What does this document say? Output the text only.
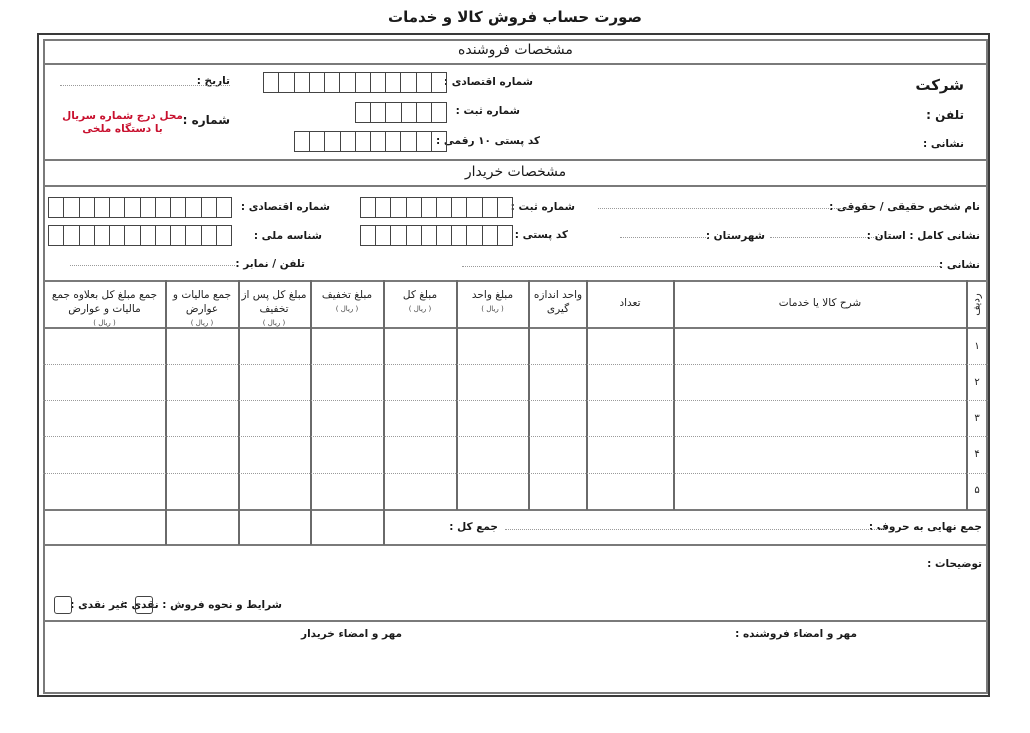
صورت حساب فروش کالا و خدمات
مشخصات فروشنده
شرکت
تلفن :
نشانی :
شماره اقتصادی :
شماره ثبت :
کد پستی ۱۰ رقمی :
تاریخ :
شماره :
محل درج شماره سریال
با دستگاه ملخی
مشخصات خریدار
نام شخص حقیقی / حقوقی :
شماره ثبت :
شماره اقتصادی :
نشانی کامل : استان :
شهرستان :
کد پستی :
شناسه ملی :
نشانی :
تلفن / نمابر :
ردیف
شرح کالا یا خدمات
تعداد
واحد اندازه گیری
مبلغ واحد
( ریال )
مبلغ کل
( ریال )
مبلغ تخفیف
( ریال )
مبلغ کل پس از تخفیف
( ریال )
جمع مالیات و عوارض
( ریال )
جمع مبلغ کل بعلاوه جمع مالیات و عوارض
( ریال )
۱
۲
۳
۴
۵
جمع نهایی به حروف :
جمع کل :
توضیحات :
شرایط و نحوه فروش : نقدی :
غیر نقدی :
مهر و امضاء فروشنده :
مهر و امضاء خریدار
